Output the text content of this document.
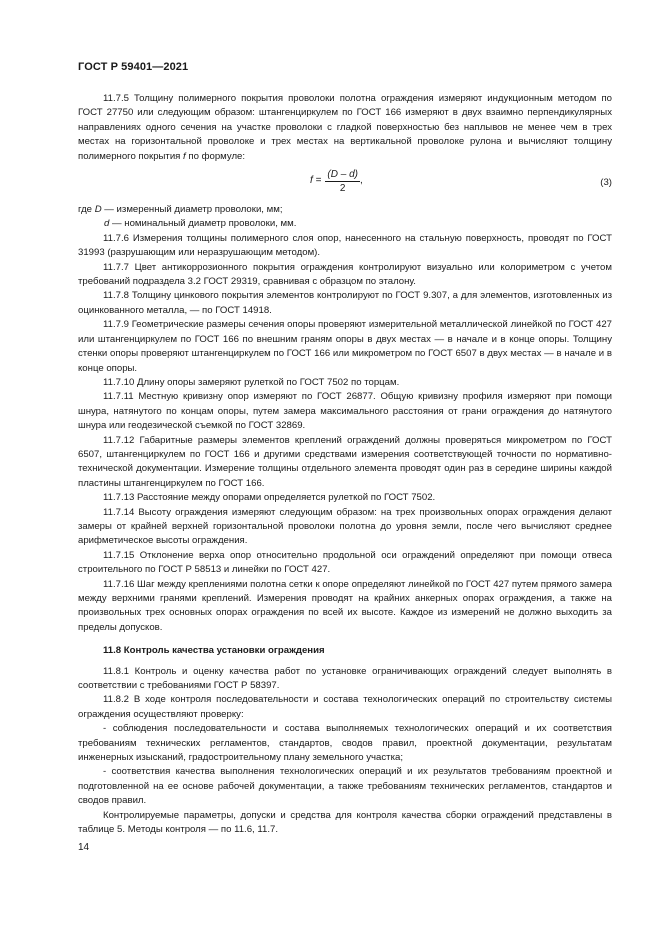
ГОСТ Р 59401—2021

11.7.5 Толщину полимерного покрытия проволоки полотна ограждения измеряют индукционным методом по ГОСТ 27750 или следующим образом: штангенциркулем по ГОСТ 166 измеряют в двух взаимно перпендикулярных направлениях одного сечения на участке проволоки с гладкой поверхностью без наплывов не менее чем в трех местах на горизонтальной проволоке и трех местах на вертикальной проволоке рулона и вычисляют толщину полимерного покрытия f по формуле:

$f = \frac{(D - d)}{2}$ ,	(3)

где D — измеренный диаметр проволоки, мм;

d — номинальный диаметр проволоки, мм.

11.7.6 Измерения толщины полимерного слоя опор, нанесенного на стальную поверхность, проводят по ГОСТ 31993 (разрушающим или неразрушающим методом).

11.7.7 Цвет антикоррозионного покрытия ограждения контролируют визуально или колориметром с учетом требований подраздела 3.2 ГОСТ 29319, сравнивая с образцом по эталону.

11.7.8 Толщину цинкового покрытия элементов контролируют по ГОСТ 9.307, а для элементов, изготовленных из оцинкованного металла, — по ГОСТ 14918.

11.7.9 Геометрические размеры сечения опоры проверяют измерительной металлической линейкой по ГОСТ 427 или штангенциркулем по ГОСТ 166 по внешним граням опоры в двух местах — в начале и в конце опоры. Толщину стенки опоры проверяют штангенциркулем по ГОСТ 166 или микрометром по ГОСТ 6507 в двух местах — в начале и в конце опоры.

11.7.10 Длину опоры замеряют рулеткой по ГОСТ 7502 по торцам.

11.7.11 Местную кривизну опор измеряют по ГОСТ 26877. Общую кривизну профиля измеряют при помощи шнура, натянутого по концам опоры, путем замера максимального расстояния от грани ограждения до натянутого шнура или геодезической съемкой по ГОСТ 32869.

11.7.12 Габаритные размеры элементов креплений ограждений должны проверяться микрометром по ГОСТ 6507, штангенциркулем по ГОСТ 166 и другими средствами измерения соответствующей точности по нормативно-технической документации. Измерение толщины отдельного элемента проводят один раз в середине ширины каждой пластины штангенциркулем по ГОСТ 166.

11.7.13 Расстояние между опорами определяется рулеткой по ГОСТ 7502.

11.7.14 Высоту ограждения измеряют следующим образом: на трех произвольных опорах ограждения делают замеры от крайней верхней горизонтальной проволоки полотна до уровня земли, после чего вычисляют среднее арифметическое высоты ограждения.

11.7.15 Отклонение верха опор относительно продольной оси ограждений определяют при помощи отвеса строительного по ГОСТ Р 58513 и линейки по ГОСТ 427.

11.7.16 Шаг между креплениями полотна сетки к опоре определяют линейкой по ГОСТ 427 путем прямого замера между верхними гранями креплений. Измерения проводят на крайних анкерных опорах ограждения, а также на произвольных трех основных опорах ограждения по всей их высоте. Каждое из измерений не должно выходить за пределы допусков.

11.8 Контроль качества установки ограждения

11.8.1 Контроль и оценку качества работ по установке ограничивающих ограждений следует выполнять в соответствии с требованиями ГОСТ Р 58397.

11.8.2 В ходе контроля последовательности и состава технологических операций по строительству системы ограждения осуществляют проверку:

- соблюдения последовательности и состава выполняемых технологических операций и их соответствия требованиям технических регламентов, стандартов, сводов правил, проектной документации, результатам инженерных изысканий, градостроительному плану земельного участка;

- соответствия качества выполнения технологических операций и их результатов требованиям проектной и подготовленной на ее основе рабочей документации, а также требованиям технических регламентов, стандартов и сводов правил.

Контролируемые параметры, допуски и средства для контроля качества сборки ограждений представлены в таблице 5. Методы контроля — по 11.6, 11.7.

14
